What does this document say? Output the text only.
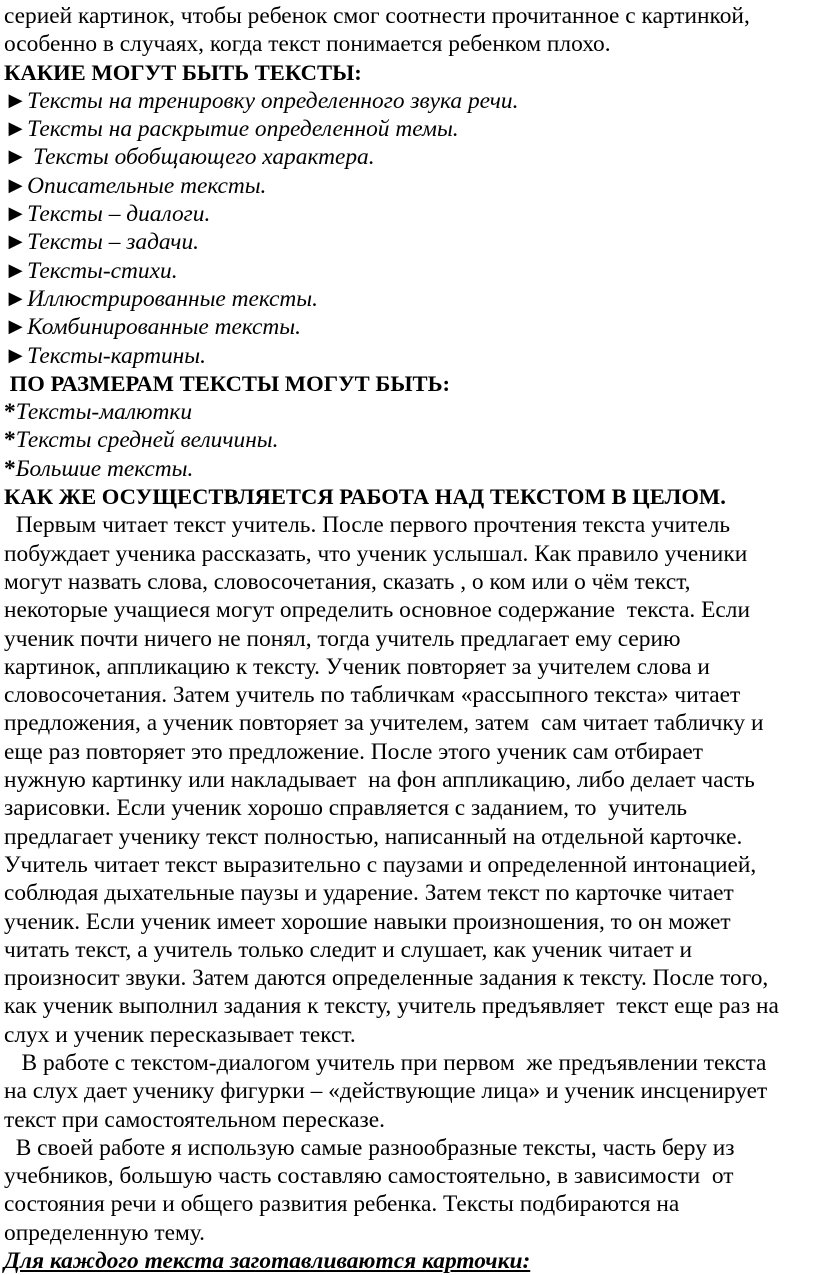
серией картинок, чтобы ребенок смог соотнести прочитанное с картинкой,
особенно в случаях, когда текст понимается ребенком плохо.
КАКИЕ МОГУТ БЫТЬ ТЕКСТЫ:
►Тексты на тренировку определенного звука речи.
►Тексты на раскрытие определенной темы.
► Тексты обобщающего характера.
►Описательные тексты.
►Тексты – диалоги.
►Тексты – задачи.
►Тексты-стихи.
►Иллюстрированные тексты.
►Комбинированные тексты.
►Тексты-картины.
ПО РАЗМЕРАМ ТЕКСТЫ МОГУТ БЫТЬ:
*Тексты-малютки
*Тексты средней величины.
*Большие тексты.
КАК ЖЕ ОСУЩЕСТВЛЯЕТСЯ РАБОТА НАД ТЕКСТОМ В ЦЕЛОМ.
Первым читает текст учитель. После первого прочтения текста учитель
побуждает ученика рассказать, что ученик услышал. Как правило ученики
могут назвать слова, словосочетания, сказать , о ком или о чём текст,
некоторые учащиеся могут определить основное содержание  текста. Если
ученик почти ничего не понял, тогда учитель предлагает ему серию
картинок, аппликацию к тексту. Ученик повторяет за учителем слова и
словосочетания. Затем учитель по табличкам «рассыпного текста» читает
предложения, а ученик повторяет за учителем, затем  сам читает табличку и
еще раз повторяет это предложение. После этого ученик сам отбирает
нужную картинку или накладывает  на фон аппликацию, либо делает часть
зарисовки. Если ученик хорошо справляется с заданием, то  учитель
предлагает ученику текст полностью, написанный на отдельной карточке.
Учитель читает текст выразительно с паузами и определенной интонацией,
соблюдая дыхательные паузы и ударение. Затем текст по карточке читает
ученик. Если ученик имеет хорошие навыки произношения, то он может
читать текст, а учитель только следит и слушает, как ученик читает и
произносит звуки. Затем даются определенные задания к тексту. После того,
как ученик выполнил задания к тексту, учитель предъявляет  текст еще раз на
слух и ученик пересказывает текст.
В работе с текстом-диалогом учитель при первом  же предъявлении текста
на слух дает ученику фигурки – «действующие лица» и ученик инсценирует
текст при самостоятельном пересказе.
В своей работе я использую самые разнообразные тексты, часть беру из
учебников, большую часть составляю самостоятельно, в зависимости  от
состояния речи и общего развития ребенка. Тексты подбираются на
определенную тему.
Для каждого текста заготавливаются карточки:
